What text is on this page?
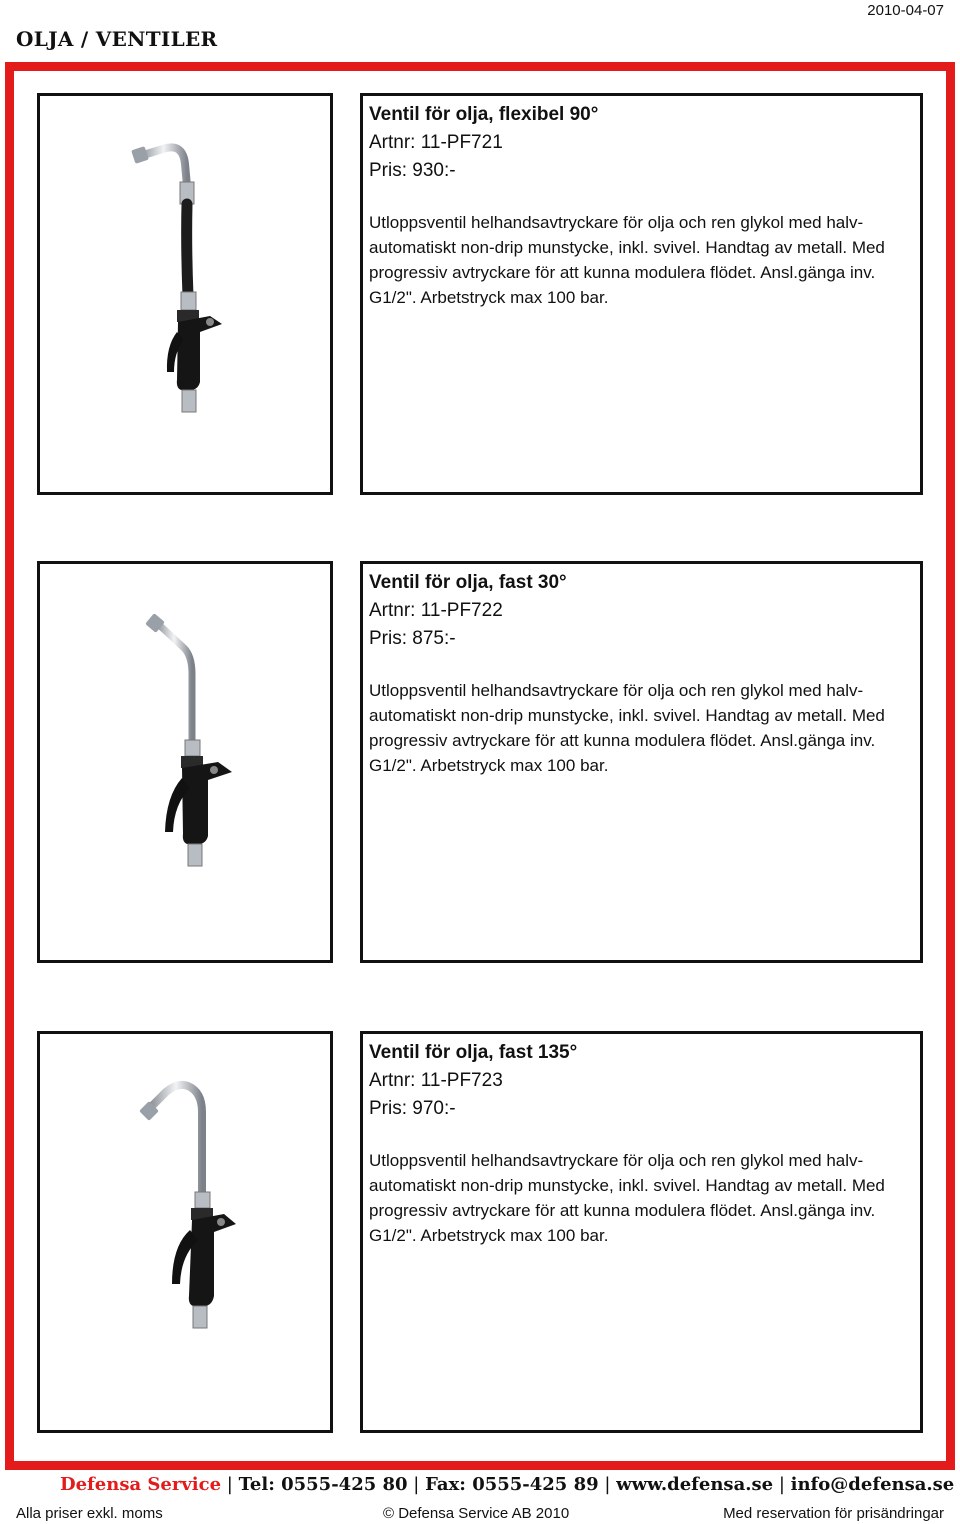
2010-04-07
OLJA / VENTILER

Ventil för olja, flexibel 90°

Artnr: 11-PF721

Pris: 930:-

Utloppsventil helhandsavtryckare för olja och ren glykol med halv-automatiskt non-drip munstycke, inkl. svivel. Handtag av metall. Med progressiv avtryckare för att kunna modulera flödet. Ansl.gänga inv. G1/2". Arbetstryck max 100 bar.

Ventil för olja, fast 30°

Artnr: 11-PF722

Pris: 875:-

Utloppsventil helhandsavtryckare för olja och ren glykol med halv-automatiskt non-drip munstycke, inkl. svivel. Handtag av metall. Med progressiv avtryckare för att kunna modulera flödet. Ansl.gänga inv. G1/2". Arbetstryck max 100 bar.

Ventil för olja, fast 135°

Artnr: 11-PF723

Pris: 970:-

Utloppsventil helhandsavtryckare för olja och ren glykol med halv-automatiskt non-drip munstycke, inkl. svivel. Handtag av metall. Med progressiv avtryckare för att kunna modulera flödet. Ansl.gänga inv. G1/2". Arbetstryck max 100 bar.
Defensa Service | Tel: 0555-425 80 | Fax: 0555-425 89 | www.defensa.se | info@defensa.se
Alla priser exkl. moms	© Defensa Service AB 2010	Med reservation för prisändringar
